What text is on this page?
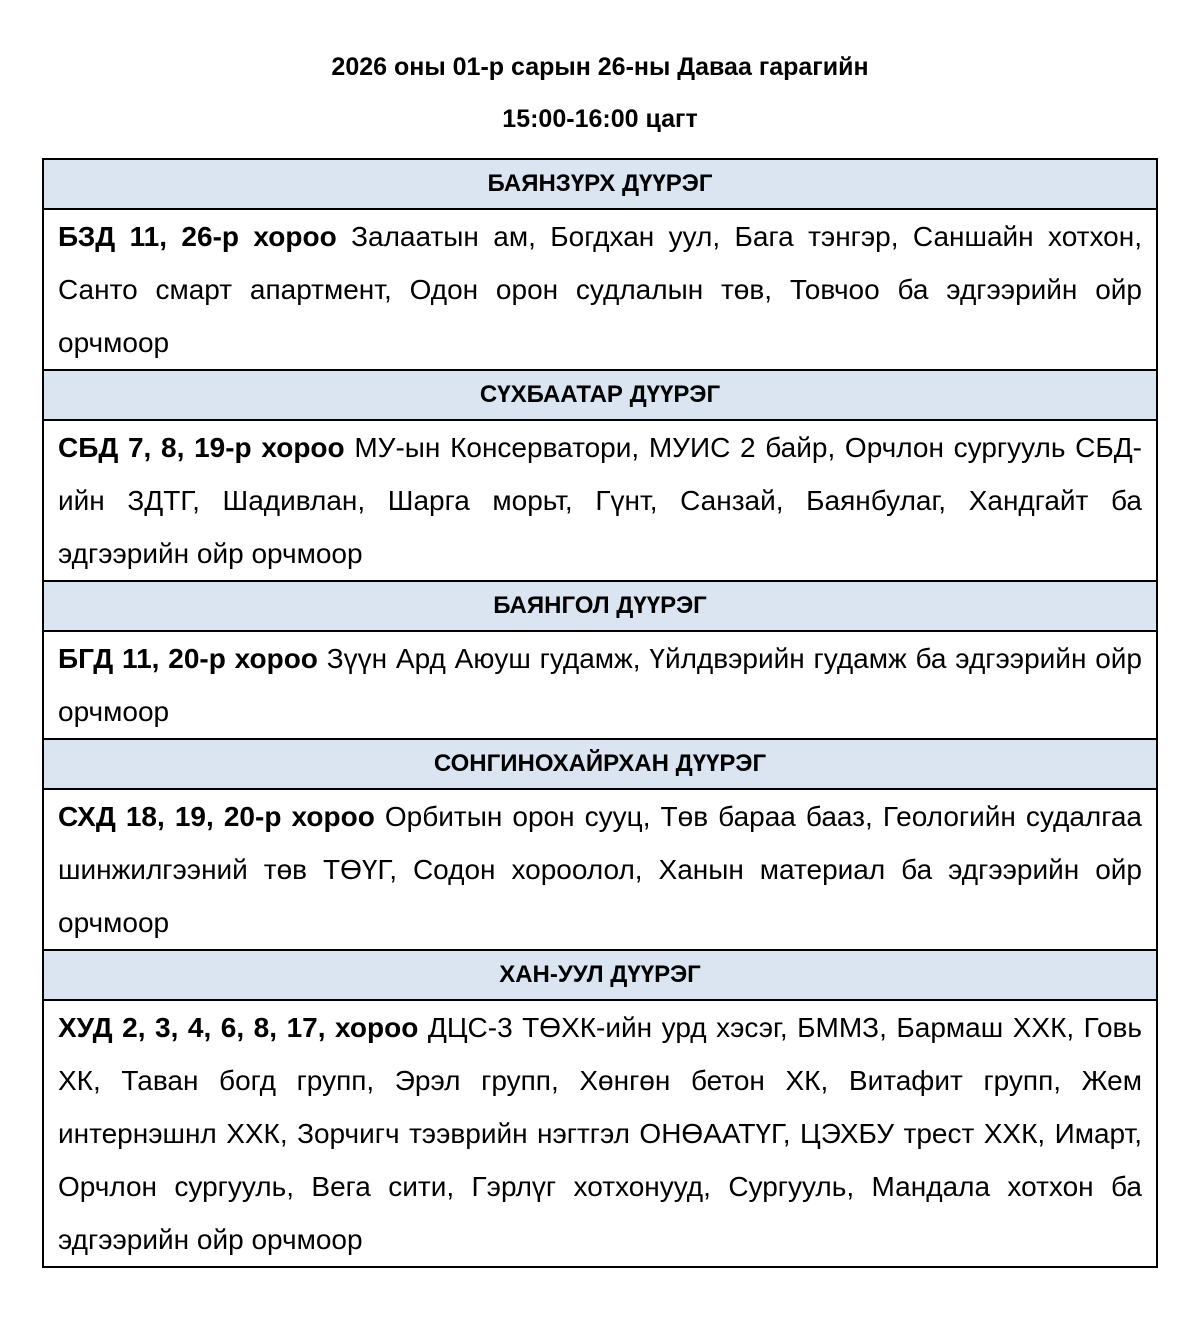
2026 оны 01-р сарын 26-ны Даваа гарагийн
15:00-16:00 цагт
БАЯНЗҮРХ ДҮҮРЭГ

БЗД 11, 26-р хороо Залаатын ам, Богдхан уул, Бага тэнгэр, Саншайн хотхон, Санто смарт апартмент, Одон орон судлалын төв, Товчоо ба эдгээрийн ойр орчмоор

СҮХБААТАР ДҮҮРЭГ

СБД 7, 8, 19-р хороо МУ-ын Консерватори, МУИС 2 байр, Орчлон сургууль СБД-ийн ЗДТГ, Шадивлан, Шарга морьт, Гүнт, Санзай, Баянбулаг, Хандгайт ба эдгээрийн ойр орчмоор

БАЯНГОЛ ДҮҮРЭГ

БГД 11, 20-р хороо Зүүн Ард Аюуш гудамж, Үйлдвэрийн гудамж ба эдгээрийн ойр орчмоор

СОНГИНОХАЙРХАН ДҮҮРЭГ

СХД 18, 19, 20-р хороо Орбитын орон сууц, Төв бараа бааз, Геологийн судалгаа шинжилгээний төв ТӨҮГ, Содон хороолол, Ханын материал ба эдгээрийн ойр орчмоор

ХАН-УУЛ ДҮҮРЭГ

ХУД 2, 3, 4, 6, 8, 17, хороо ДЦС-3 ТӨХК-ийн урд хэсэг, БММЗ, Бармаш ХХК, Говь ХК, Таван богд групп, Эрэл групп, Хөнгөн бетон ХК, Витафит групп, Жем интернэшнл ХХК, Зорчигч тээврийн нэгтгэл ОНӨААТҮГ, ЦЭХБУ трест ХХК, Имарт, Орчлон сургууль, Вега сити, Гэрлүг хотхонууд, Сургууль, Мандала хотхон ба эдгээрийн ойр орчмоор
